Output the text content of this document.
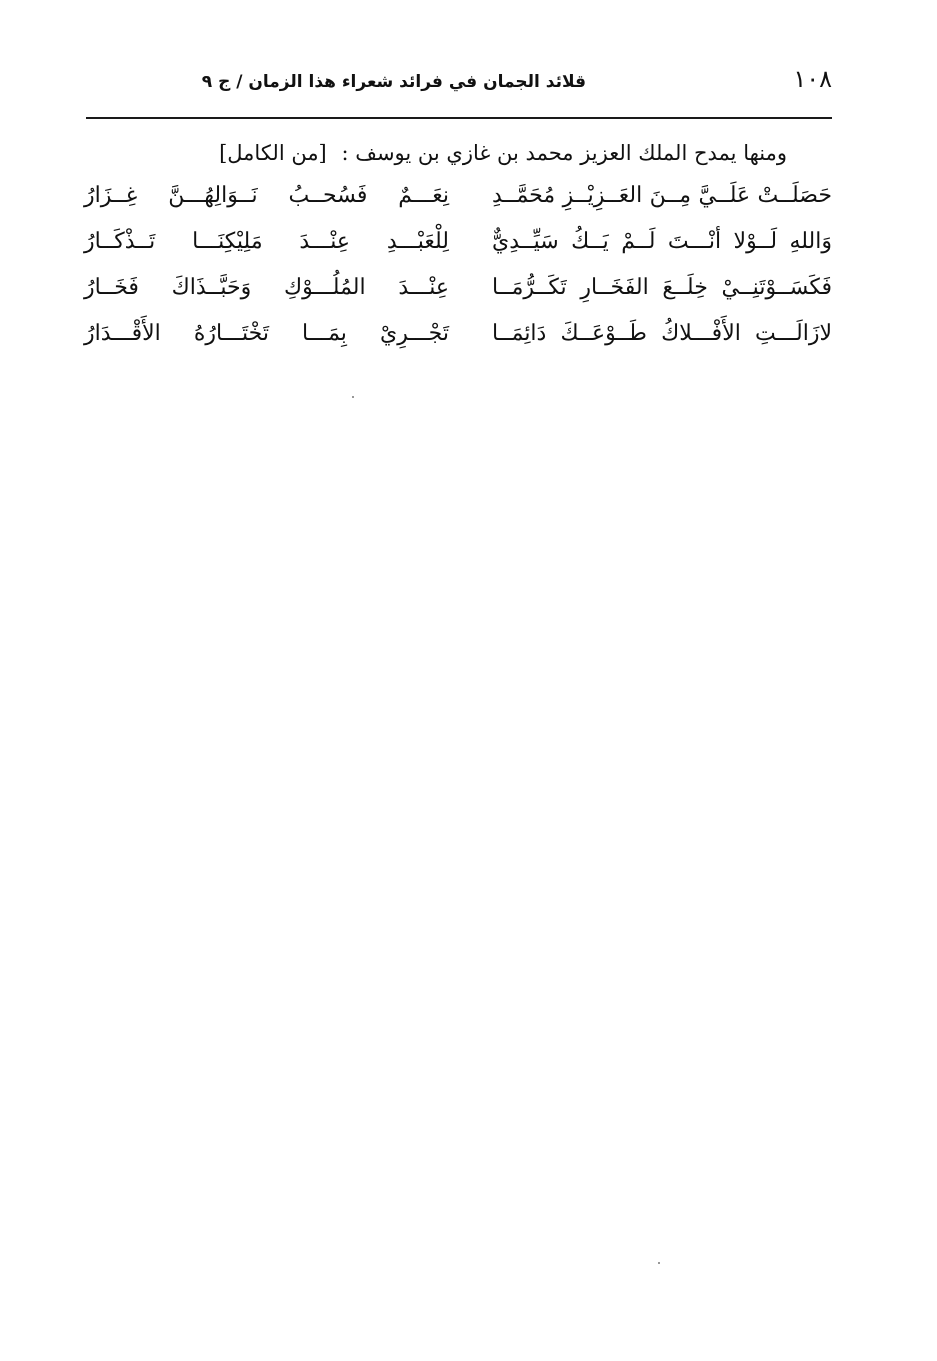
١٠٨
قلائد الجمان في فرائد شعراء هذا الزمان / ج ٩
ومنها يمدح الملك العزيز محمد بن غازي بن يوسف : [من الكامل]
حَصَلَــتْ عَلَــيَّ مِــنَ العَــزِيْــزِ مُحَمَّــدِ
نِعَـــمٌ فَسُحــبُ نَــوَالِهُـــنَّ غِــزَارُ
وَاللهِ لَــوْلا أنْـــتَ لَــمْ يَــكُ سَيِّــدِيٌّ
لِلْعَبْـــدِ عِنْـــدَ مَلِيْكِنَـــا تَــذْكَــارُ
فَكَسَــوْتَنِــيْ خِلَــعَ الفَخَــارِ تَكَــرُّمَــا
عِنْـــدَ المُلُـــوْكِ وَحَبَّــذَاكَ فَخَــارُ
لازَالَـــتِ الأَفْـــلاكُ طَــوْعَــكَ دَائِمَــا
تَجْـــرِيْ بِمَـــا تَخْتَـــارُهُ الأَقْـــدَارُ
